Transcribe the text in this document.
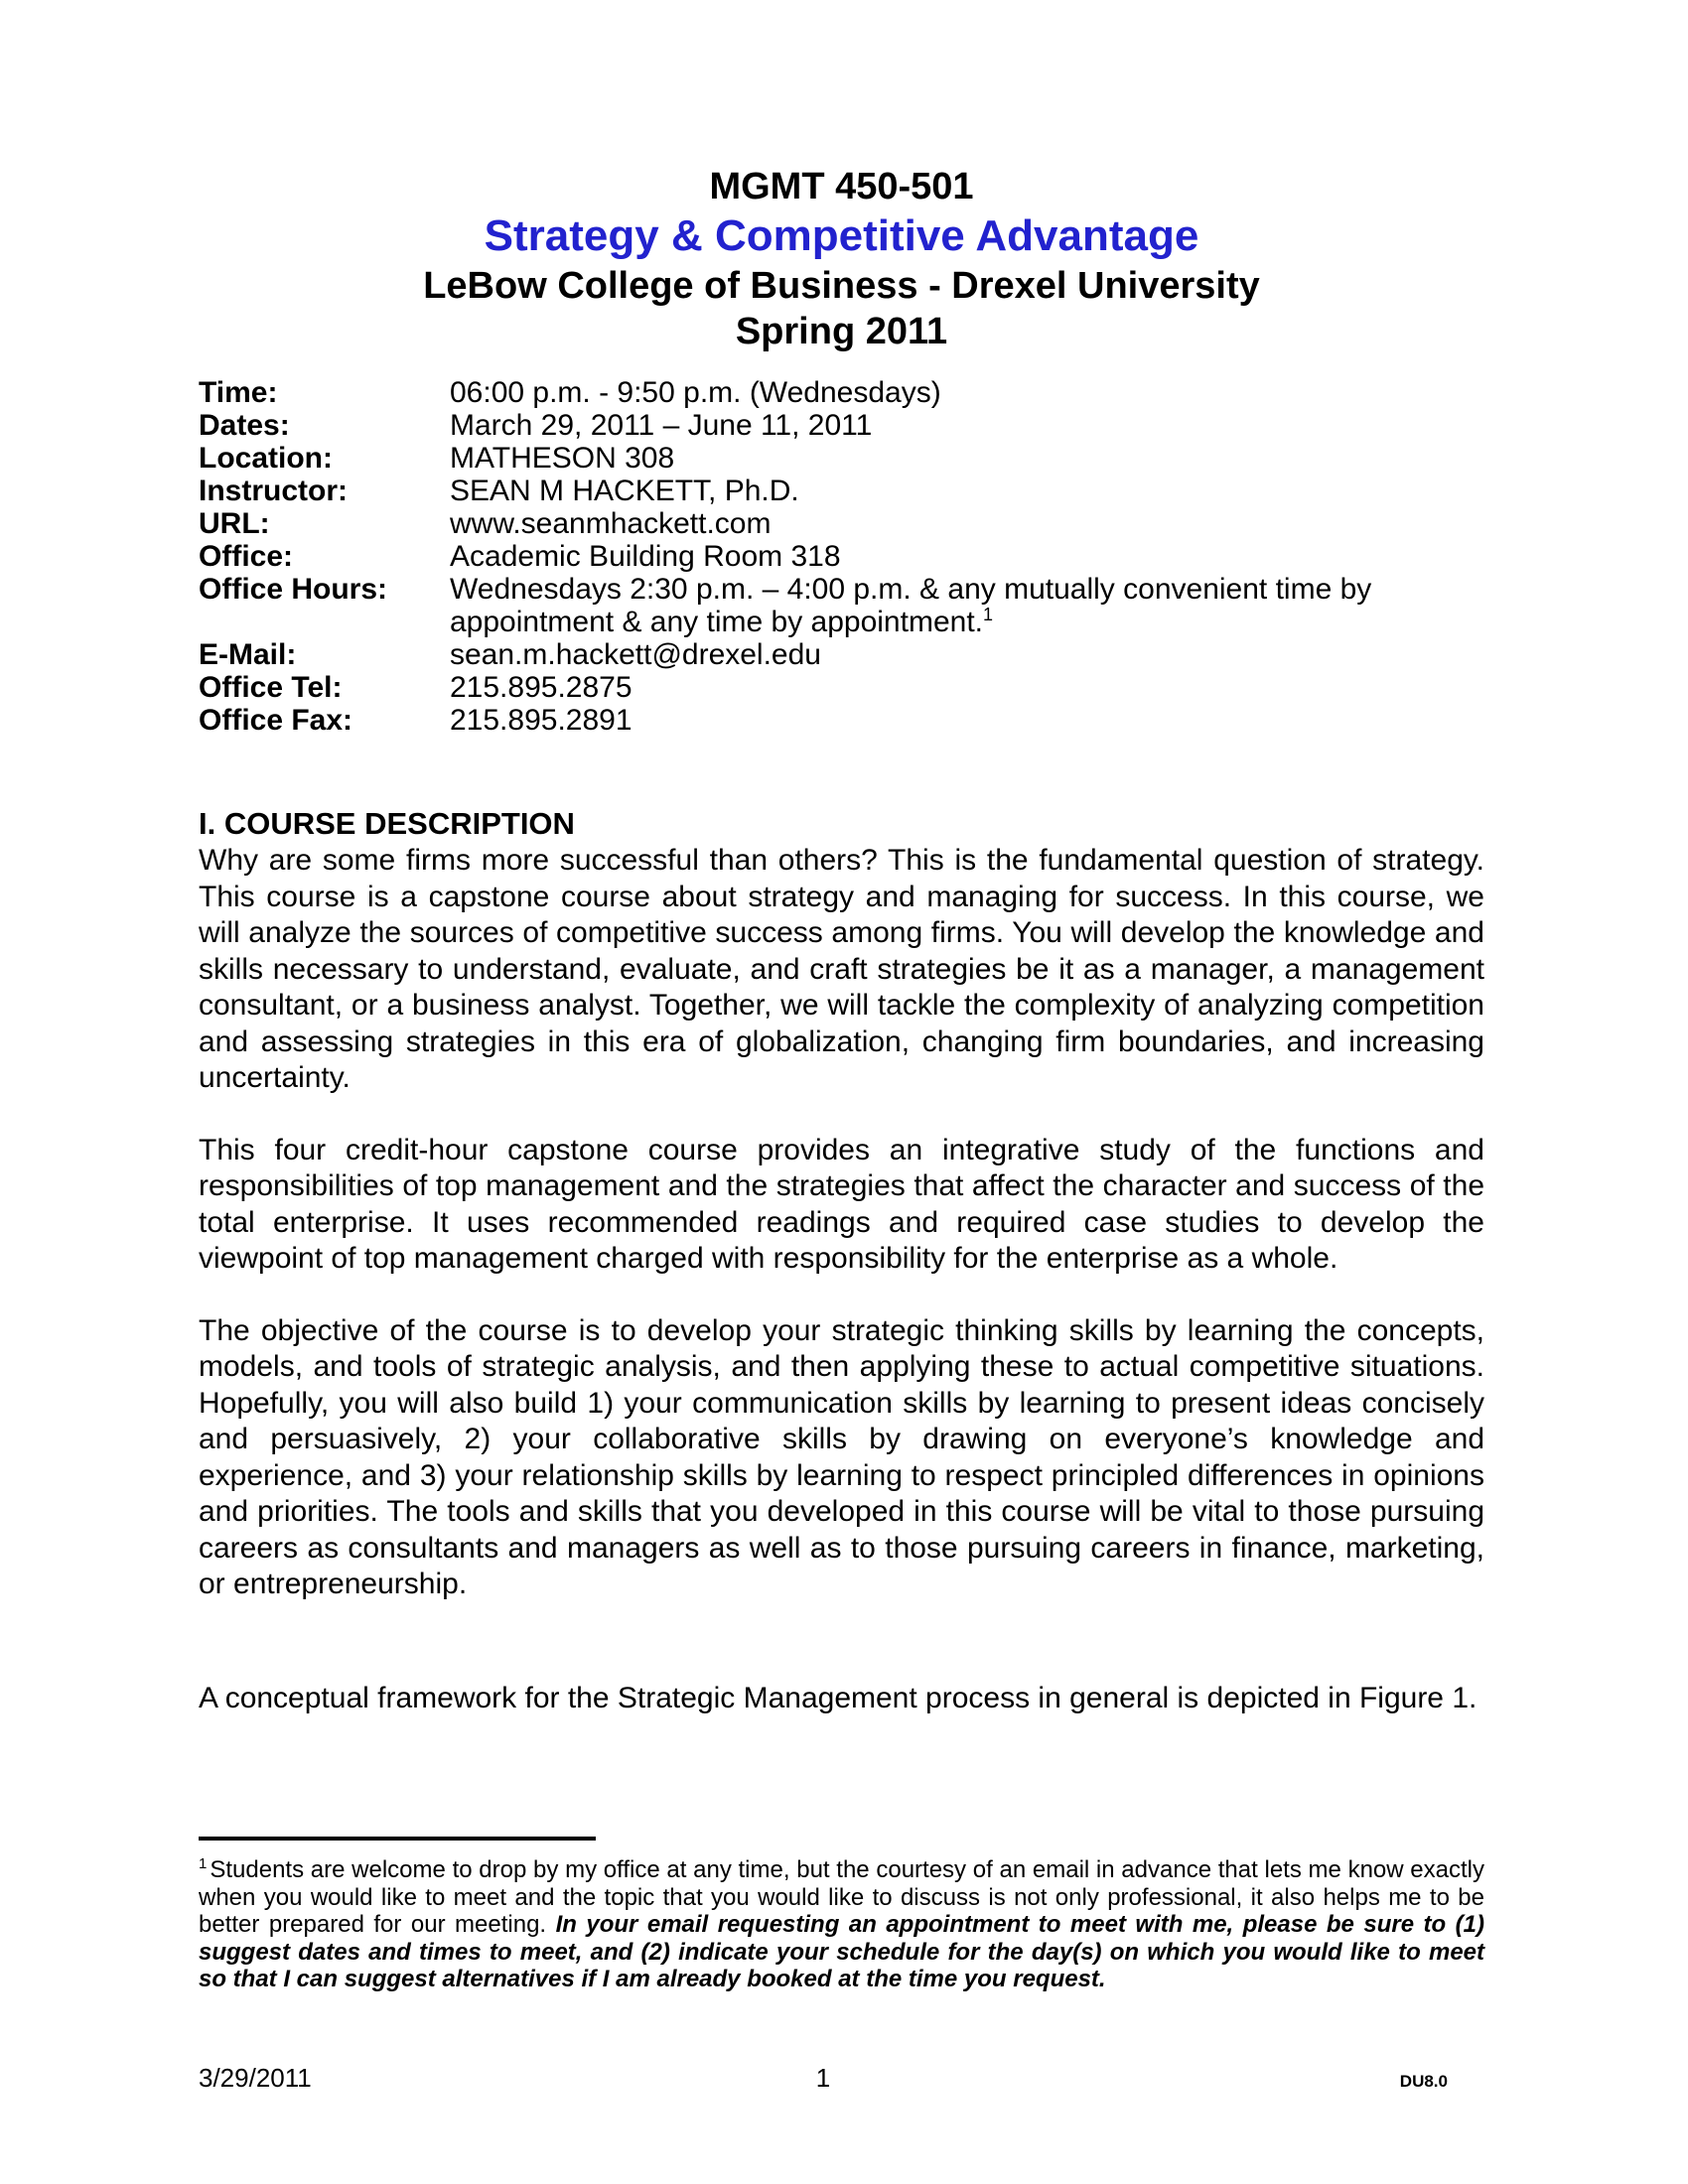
MGMT 450-501
Strategy & Competitive Advantage
LeBow College of Business - Drexel University
Spring 2011
Time:	06:00 p.m. - 9:50 p.m. (Wednesdays)
Dates:	March 29, 2011 – June 11, 2011
Location:	MATHESON 308
Instructor:	SEAN M HACKETT, Ph.D.
URL:	www.seanmhackett.com
Office:	Academic Building Room 318
Office Hours:	Wednesdays 2:30 p.m. – 4:00 p.m. & any mutually convenient time by appointment & any time by appointment.$^1$
E-Mail:	sean.m.hackett@drexel.edu
Office Tel:	215.895.2875
Office Fax:	215.895.2891
I. COURSE DESCRIPTION

Why are some firms more successful than others? This is the fundamental question of strategy. This course is a capstone course about strategy and managing for success. In this course, we will analyze the sources of competitive success among firms. You will develop the knowledge and skills necessary to understand, evaluate, and craft strategies be it as a manager, a management consultant, or a business analyst. Together, we will tackle the complexity of analyzing competition and assessing strategies in this era of globalization, changing firm boundaries, and increasing uncertainty.

This four credit-hour capstone course provides an integrative study of the functions and responsibilities of top management and the strategies that affect the character and success of the total enterprise. It uses recommended readings and required case studies to develop the viewpoint of top management charged with responsibility for the enterprise as a whole.

The objective of the course is to develop your strategic thinking skills by learning the concepts, models, and tools of strategic analysis, and then applying these to actual competitive situations. Hopefully, you will also build 1) your communication skills by learning to present ideas concisely and persuasively, 2) your collaborative skills by drawing on everyone’s knowledge and experience, and 3) your relationship skills by learning to respect principled differences in opinions and priorities. The tools and skills that you developed in this course will be vital to those pursuing careers as consultants and managers as well as to those pursuing careers in finance, marketing, or entrepreneurship.

A conceptual framework for the Strategic Management process in general is depicted in Figure 1.

$^1$ Students are welcome to drop by my office at any time, but the courtesy of an email in advance that lets me know exactly when you would like to meet and the topic that you would like to discuss is not only professional, it also helps me to be better prepared for our meeting. In your email requesting an appointment to meet with me, please be sure to (1) suggest dates and times to meet, and (2) indicate your schedule for the day(s) on which you would like to meet so that I can suggest alternatives if I am already booked at the time you request.

3/29/2011	1	DU8.0
